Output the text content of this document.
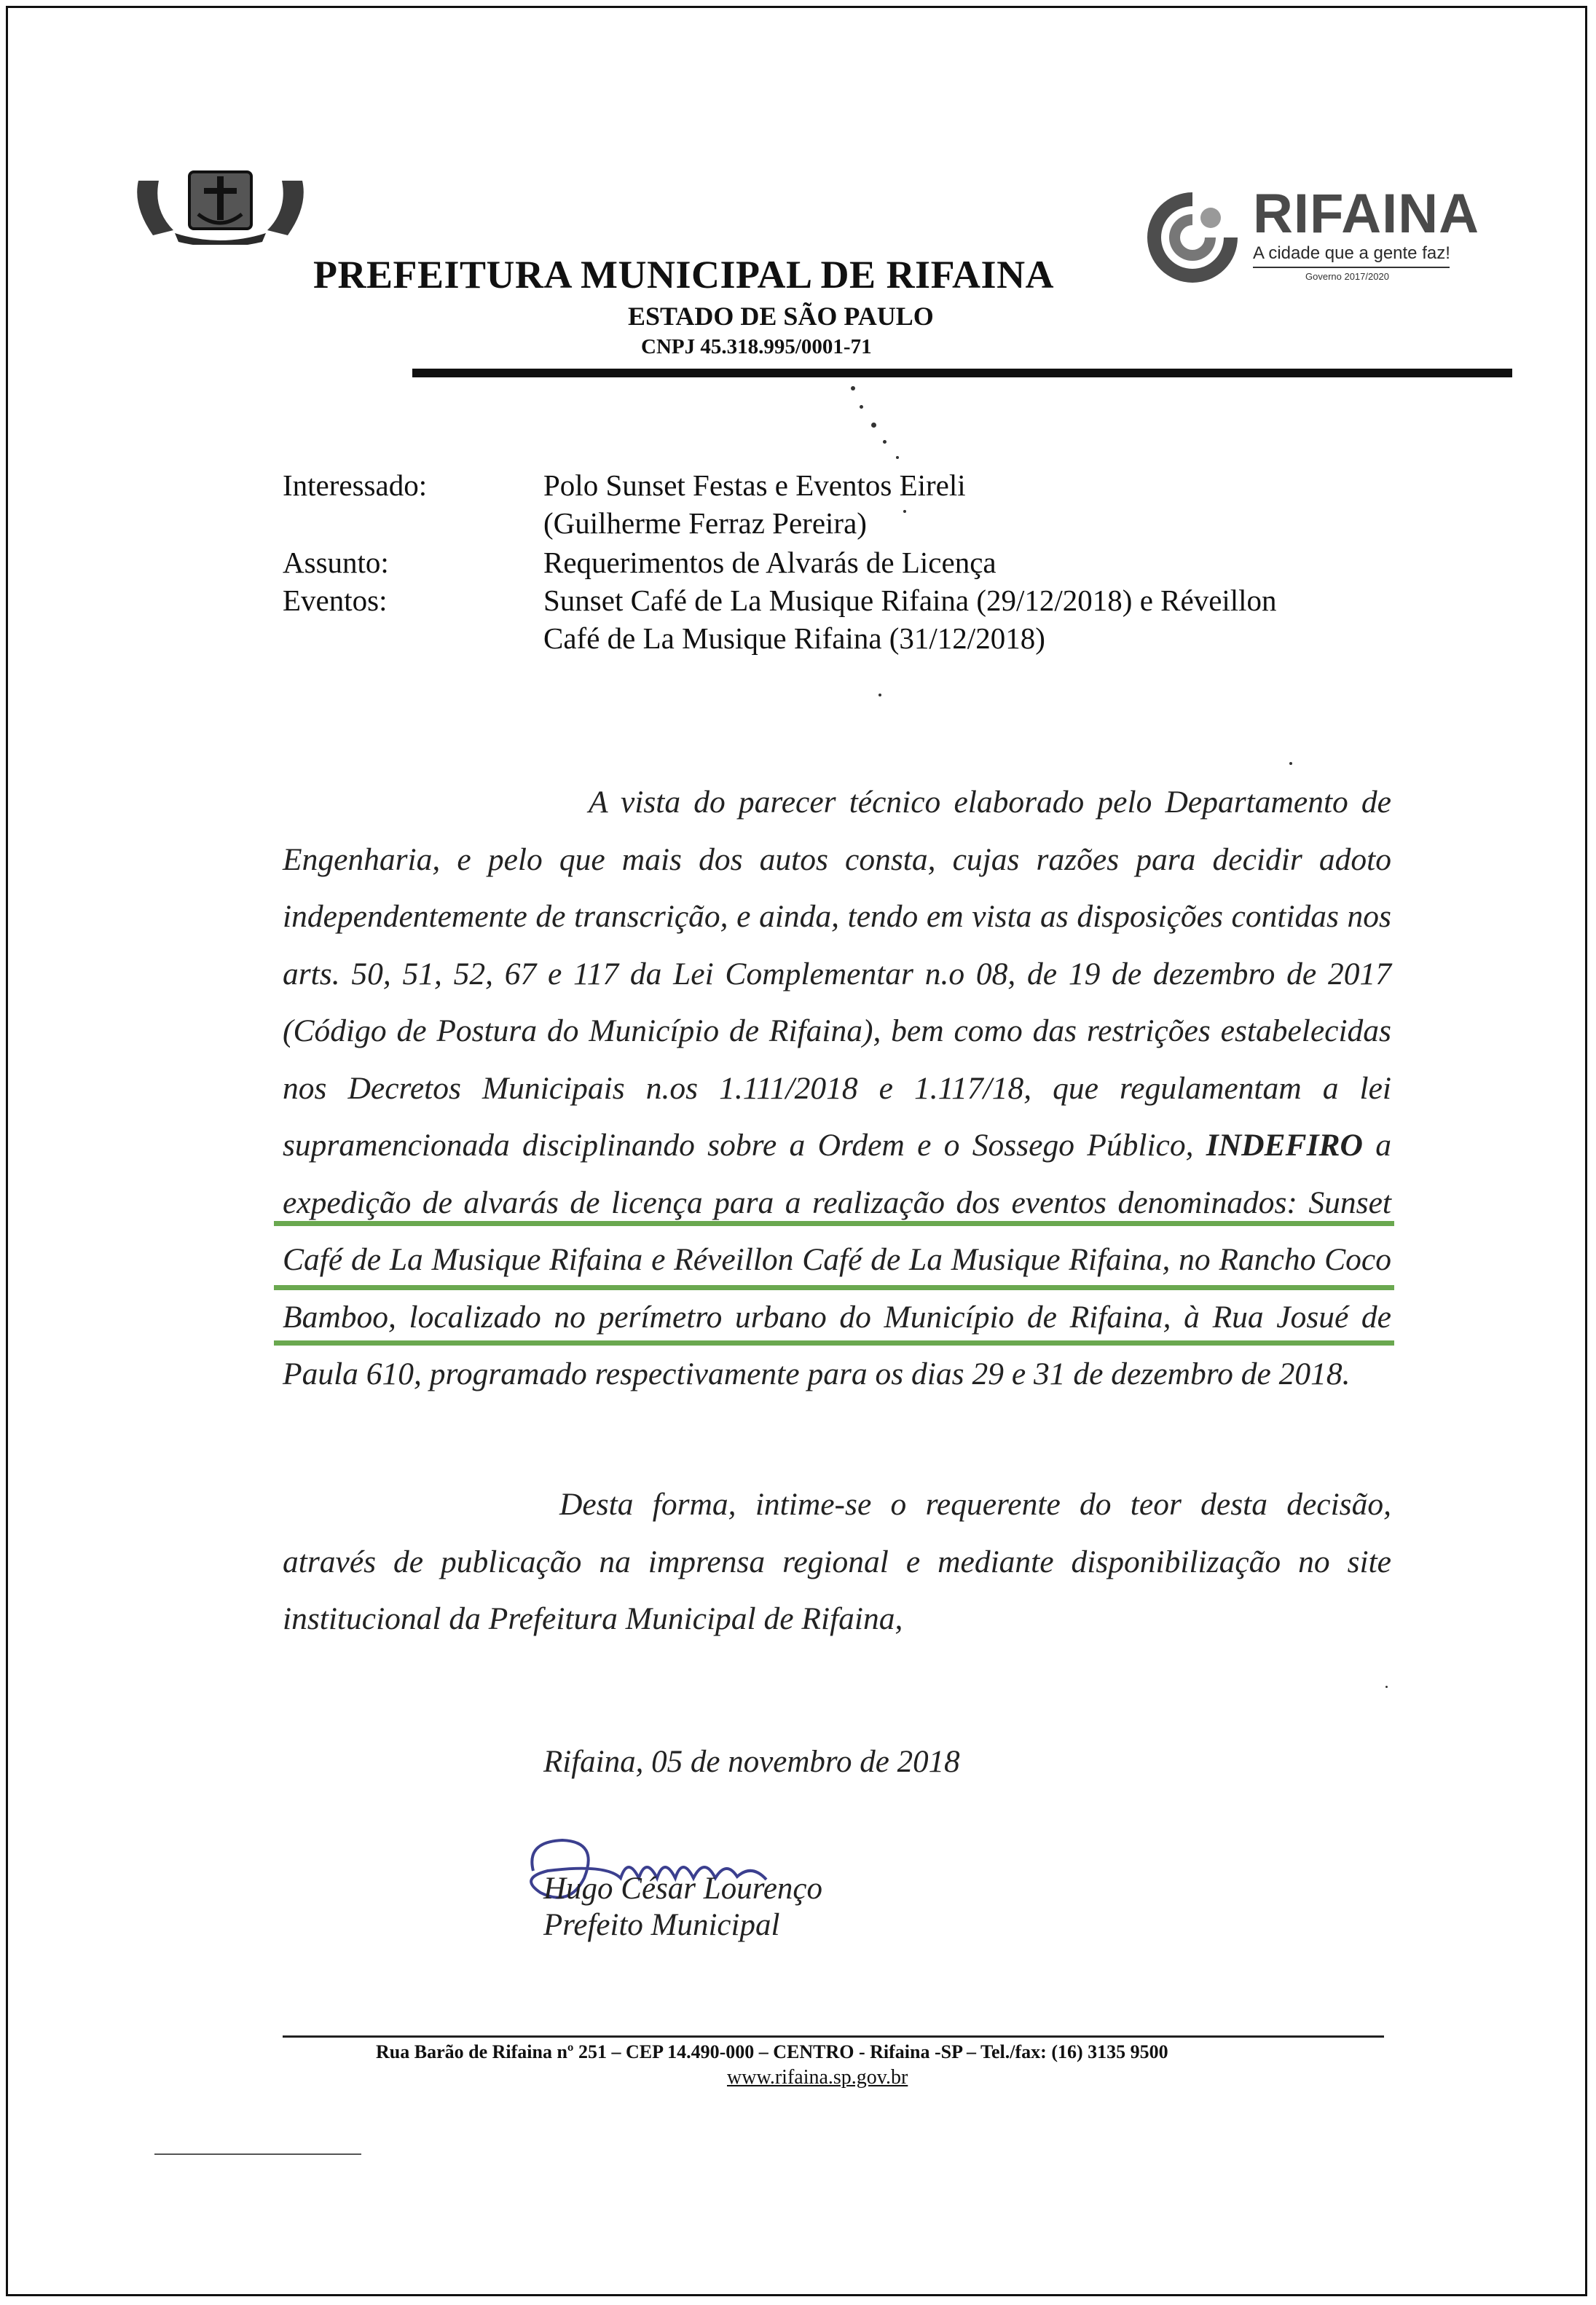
PREFEITURA MUNICIPAL DE RIFAINA
ESTADO DE SÃO PAULO
CNPJ 45.318.995/0001-71
RIFAINA
A cidade que a gente faz!
Governo 2017/2020
Interessado:	Polo Sunset Festas e Eventos Eireli
(Guilherme Ferraz Pereira)
Assunto:	Requerimentos de Alvarás de Licença
Eventos:	Sunset Café de La Musique Rifaina (29/12/2018) e Réveillon
Café de La Musique Rifaina (31/12/2018)

A vista do parecer técnico elaborado pelo Departamento de Engenharia, e pelo que mais dos autos consta, cujas razões para decidir adoto independentemente de transcrição, e ainda, tendo em vista as disposições contidas nos arts. 50, 51, 52, 67 e 117 da Lei Complementar n.o 08, de 19 de dezembro de 2017 (Código de Postura do Município de Rifaina), bem como das restrições estabelecidas nos Decretos Municipais n.os 1.111/2018 e 1.117/18, que regulamentam a lei supramencionada disciplinando sobre a Ordem e o Sossego Público, INDEFIRO a expedição de alvarás de licença para a realização dos eventos denominados: Sunset Café de La Musique Rifaina e Réveillon Café de La Musique Rifaina, no Rancho Coco Bamboo, localizado no perímetro urbano do Município de Rifaina, à Rua Josué de Paula 610, programado respectivamente para os dias 29 e 31 de dezembro de 2018.

Desta forma, intime-se o requerente do teor desta decisão, através de publicação na imprensa regional e mediante disponibilização no site institucional da Prefeitura Municipal de Rifaina,

Rifaina, 05 de novembro de 2018
Hugo César Lourenço
Prefeito Municipal
Rua Barão de Rifaina nº 251 – CEP 14.490-000 – CENTRO - Rifaina -SP – Tel./fax: (16) 3135 9500
www.rifaina.sp.gov.br
